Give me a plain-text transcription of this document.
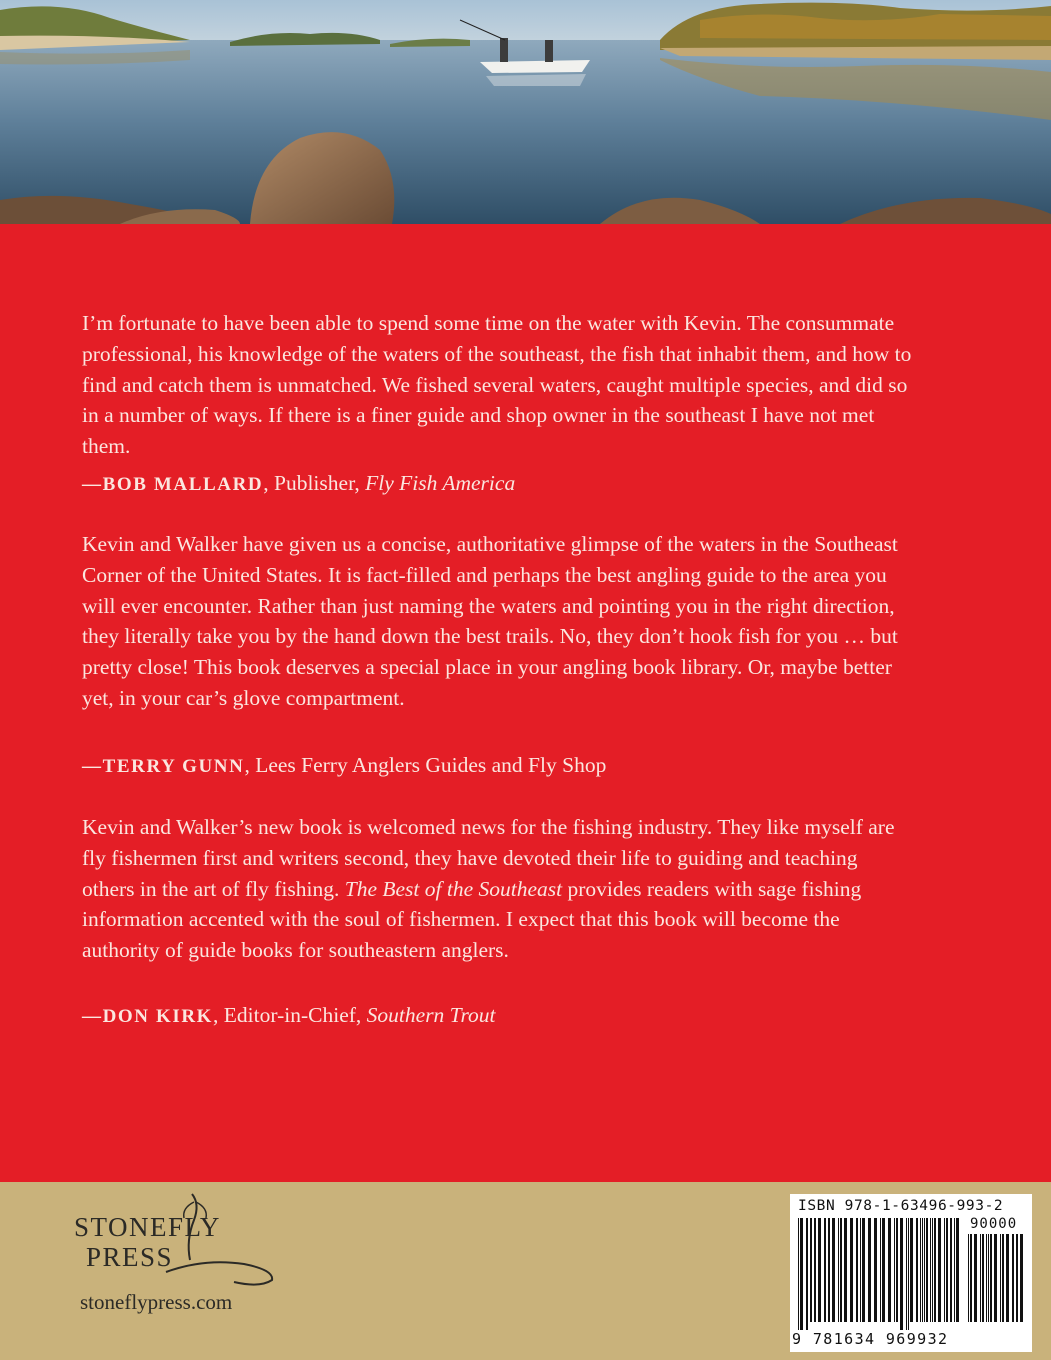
I’m fortunate to have been able to spend some time on the water with Kevin. The consummate professional, his knowledge of the waters of the southeast, the fish that inhabit them, and how to find and catch them is unmatched. We fished several waters, caught multiple species, and did so in a number of ways. If there is a finer guide and shop owner in the southeast I have not met them.

—BOB MALLARD, Publisher, Fly Fish America

Kevin and Walker have given us a concise, authoritative glimpse of the waters in the Southeast Corner of the United States. It is fact-filled and perhaps the best angling guide to the area you will ever encounter. Rather than just naming the waters and pointing you in the right direction, they literally take you by the hand down the best trails. No, they don’t hook fish for you … but pretty close! This book deserves a special place in your angling book library. Or, maybe better yet, in your car’s glove compartment.

—TERRY GUNN, Lees Ferry Anglers Guides and Fly Shop

Kevin and Walker’s new book is welcomed news for the fishing industry. They like myself are fly fishermen first and writers second, they have devoted their life to guiding and teaching others in the art of fly fishing. The Best of the Southeast provides readers with sage fishing information accented with the soul of fishermen. I expect that this book will become the authority of guide books for southeastern anglers.

—DON KIRK, Editor-in-Chief, Southern Trout

STONEFLY
PRESS
stoneflypress.com
ISBN 978-1-63496-993-2
90000
9 781634 969932
